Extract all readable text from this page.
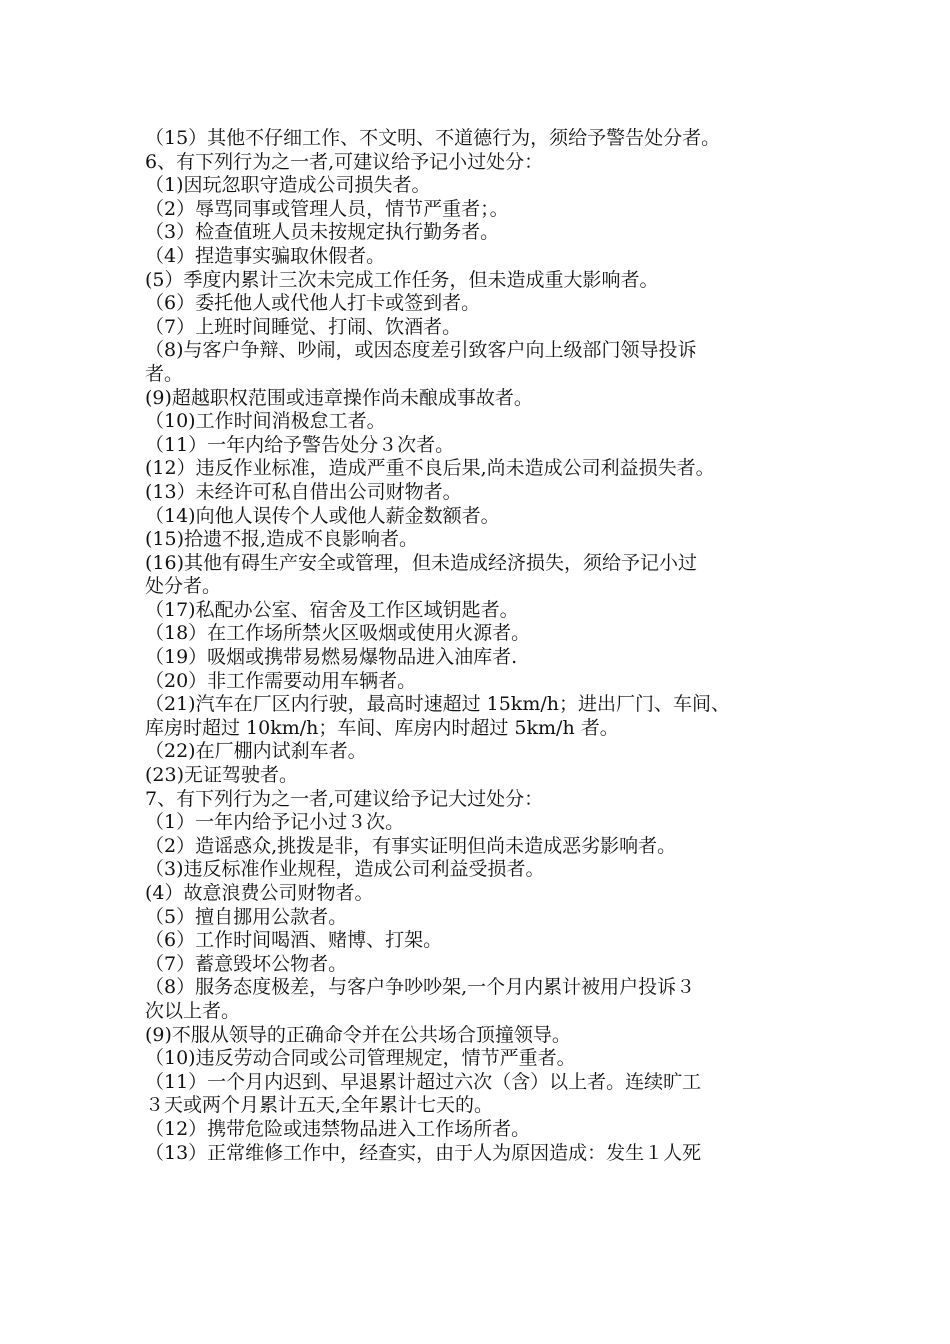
（15）其他不仔细工作、不文明、不道德行为，须给予警告处分者。
6、有下列行为之一者,可建议给予记小过处分：
（1)因玩忽职守造成公司损失者。
（2）辱骂同事或管理人员，情节严重者；。
（3）检查值班人员未按规定执行勤务者。
（4）捏造事实骗取休假者。
(5）季度内累计三次未完成工作任务，但未造成重大影响者。
（6）委托他人或代他人打卡或签到者。
（7）上班时间睡觉、打闹、饮酒者。
（8)与客户争辩、吵闹，或因态度差引致客户向上级部门领导投诉
者。
(9)超越职权范围或违章操作尚未酿成事故者。
（10)工作时间消极怠工者。
（11）一年内给予警告处分３次者。
(12）违反作业标准，造成严重不良后果,尚未造成公司利益损失者。
(13）未经许可私自借出公司财物者。
（14)向他人误传个人或他人薪金数额者。
(15)拾遗不报,造成不良影响者。
(16)其他有碍生产安全或管理，但未造成经济损失，须给予记小过
处分者。
（17)私配办公室、宿舍及工作区域钥匙者。
（18）在工作场所禁火区吸烟或使用火源者。
（19）吸烟或携带易燃易爆物品进入油库者.
（20）非工作需要动用车辆者。
（21)汽车在厂区内行驶，最高时速超过 15km/h；进出厂门、车间、
库房时超过 10km/h；车间、库房内时超过 5km/h 者。
（22)在厂棚内试刹车者。
(23)无证驾驶者。
7、有下列行为之一者,可建议给予记大过处分：
（1）一年内给予记小过３次。
（2）造谣惑众,挑拨是非，有事实证明但尚未造成恶劣影响者。
（3)违反标准作业规程，造成公司利益受损者。
(4）故意浪费公司财物者。
（5）擅自挪用公款者。
（6）工作时间喝酒、赌博、打架。
（7）蓄意毁坏公物者。
（8）服务态度极差，与客户争吵吵架,一个月内累计被用户投诉３
次以上者。
(9)不服从领导的正确命令并在公共场合顶撞领导。
（10)违反劳动合同或公司管理规定，情节严重者。
（11）一个月内迟到、早退累计超过六次（含）以上者。连续旷工
３天或两个月累计五天,全年累计七天的。
（12）携带危险或违禁物品进入工作场所者。
（13）正常维修工作中，经查实，由于人为原因造成：发生１人死
